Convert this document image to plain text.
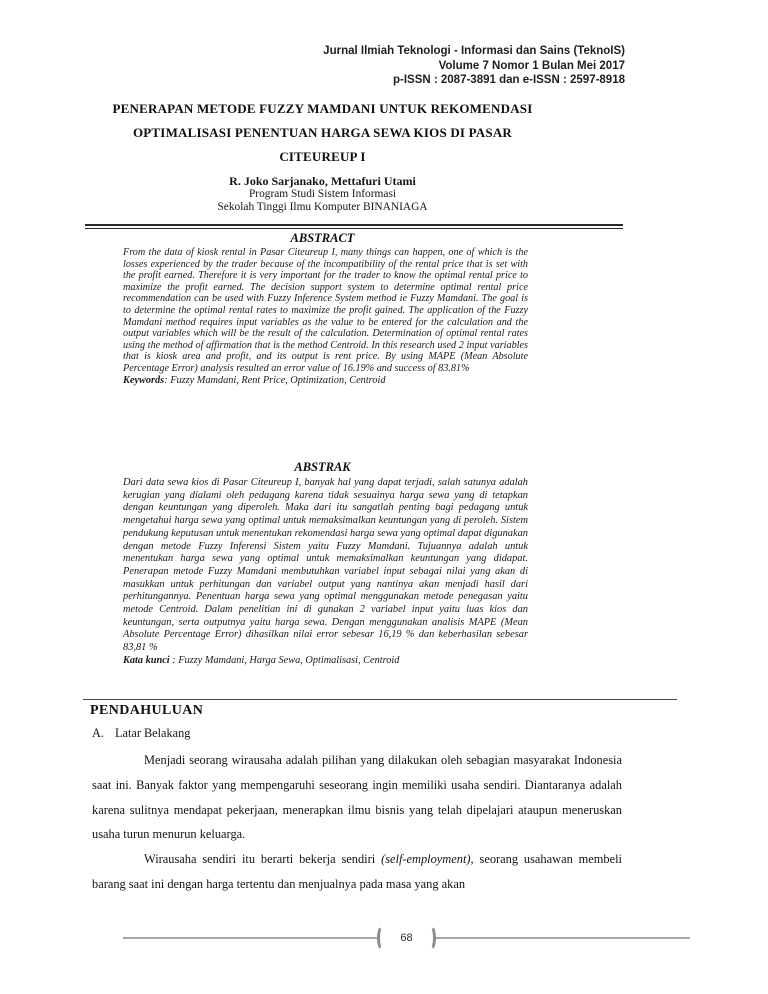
Jurnal Ilmiah Teknologi - Informasi dan Sains (TeknoIS)
Volume 7 Nomor 1 Bulan Mei 2017
p-ISSN : 2087-3891 dan e-ISSN : 2597-8918
PENERAPAN METODE FUZZY MAMDANI UNTUK REKOMENDASI
OPTIMALISASI PENENTUAN HARGA SEWA KIOS DI PASAR
CITEUREUP I
R. Joko Sarjanako, Mettafuri Utami
Program Studi Sistem Informasi
Sekolah Tinggi Ilmu Komputer BINANIAGA
ABSTRACT

From the data of kiosk rental in Pasar Citeureup I, many things can happen, one of which is the losses experienced by the trader because of the incompatibility of the rental price that is set with the profit earned. Therefore it is very important for the trader to know the optimal rental price to maximize the profit earned. The decision support system to determine optimal rental price recommendation can be used with Fuzzy Inference System method ie Fuzzy Mamdani. The goal is to determine the optimal rental rates to maximize the profit gained. The application of the Fuzzy Mamdani method requires input variables as the value to be entered for the calculation and the output variables which will be the result of the calculation. Determination of optimal rental rates using the method of affirmation that is the method Centroid. In this research used 2 input variables that is kiosk area and profit, and its output is rent price. By using MAPE (Mean Absolute Percentage Error) analysis resulted an error value of 16.19% and success of 83.81%

Keywords: Fuzzy Mamdani, Rent Price, Optimization, Centroid

ABSTRAK

Dari data sewa kios di Pasar Citeureup I, banyak hal yang dapat terjadi, salah satunya adalah kerugian yang dialami oleh pedagang karena tidak sesuainya harga sewa yang di tetapkan dengan keuntungan yang diperoleh. Maka dari itu sangatlah penting bagi pedagang untuk mengetahui harga sewa yang optimal untuk memaksimalkan keuntungan yang di peroleh. Sistem pendukung keputusan untuk menentukan rekomendasi harga sewa yang optimal dapat digunakan dengan metode Fuzzy Inferensi Sistem yaitu Fuzzy Mamdani. Tujuannya adalah untuk menentukan harga sewa yang optimal untuk memaksimalkan keuntungan yang didapat. Penerapan metode Fuzzy Mamdani membutuhkan variabel input sebagai nilai yang akan di masukkan untuk perhitungan dan variabel output yang nantinya akan menjadi hasil dari perhitungannya. Penentuan harga sewa yang optimal menggunakan metode penegasan yaitu metode Centroid. Dalam penelitian ini di gunakan 2 variabel input yaitu luas kios dan keuntungan, serta outputnya yaitu harga sewa. Dengan menggunakan analisis MAPE (Mean Absolute Percentage Error) dihasilkan nilai error sebesar 16,19 % dan keberhasilan sebesar 83,81 %

Kata kunci : Fuzzy Mamdani, Harga Sewa, Optimalisasi, Centroid

PENDAHULUAN
A. Latar Belakang

Menjadi seorang wirausaha adalah pilihan yang dilakukan oleh sebagian masyarakat Indonesia saat ini. Banyak faktor yang mempengaruhi seseorang ingin memiliki usaha sendiri. Diantaranya adalah karena sulitnya mendapat pekerjaan, menerapkan ilmu bisnis yang telah dipelajari ataupun meneruskan usaha turun menurun keluarga.

Wirausaha sendiri itu berarti bekerja sendiri (self-employment), seorang usahawan membeli barang saat ini dengan harga tertentu dan menjualnya pada masa yang akan

68
